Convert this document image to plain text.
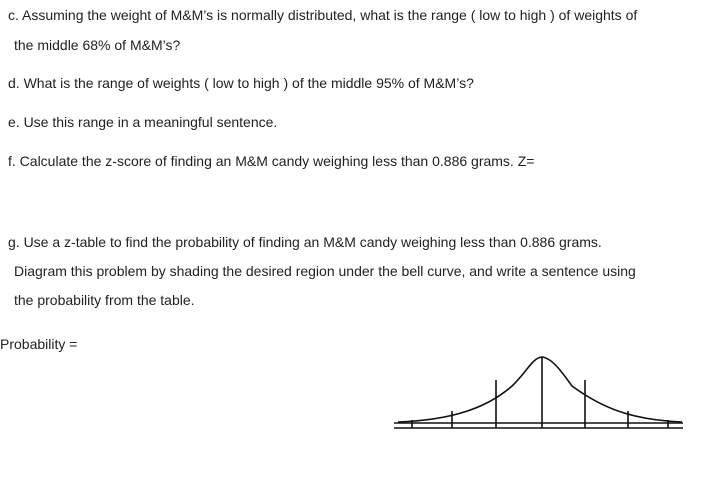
c. Assuming the weight of M&M’s is normally distributed, what is the range ( low to high ) of weights of
the middle 68% of M&M’s?
d. What is the range of weights ( low to high ) of the middle 95% of M&M’s?
e. Use this range in a meaningful sentence.
f. Calculate the z-score of finding an M&M candy weighing less than 0.886 grams. Z=
g. Use a z-table to find the probability of finding an M&M candy weighing less than 0.886 grams.
Diagram this problem by shading the desired region under the bell curve, and write a sentence using
the probability from the table.
Probability =
